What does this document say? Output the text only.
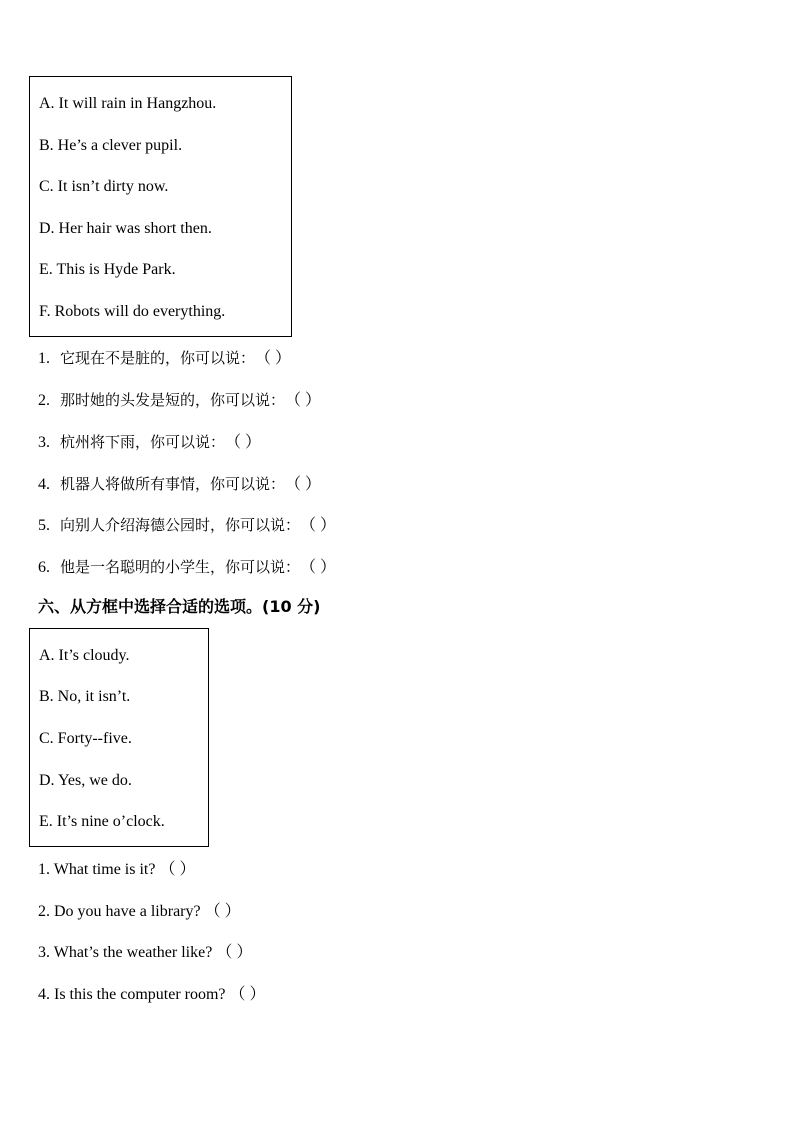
A. It will rain in Hangzhou.
B. He’s a clever pupil.
C. It isn’t dirty now.
D. Her hair was short then.
E. This is Hyde Park.
F. Robots will do everything.
1. 它现在不是脏的，你可以说：（ ）
2. 那时她的头发是短的，你可以说：（ ）
3. 杭州将下雨，你可以说：（ ）
4. 机器人将做所有事情，你可以说：（ ）
5. 向别人介绍海德公园时，你可以说：（ ）
6. 他是一名聪明的小学生，你可以说：（ ）
六、从方框中选择合适的选项。(10 分)
A. It’s cloudy.
B. No, it isn’t.
C. Forty--five.
D. Yes, we do.
E. It’s nine o’clock.
1. What time is it? （ ）
2. Do you have a library? （ ）
3. What’s the weather like? （ ）
4. Is this the computer room? （ ）
